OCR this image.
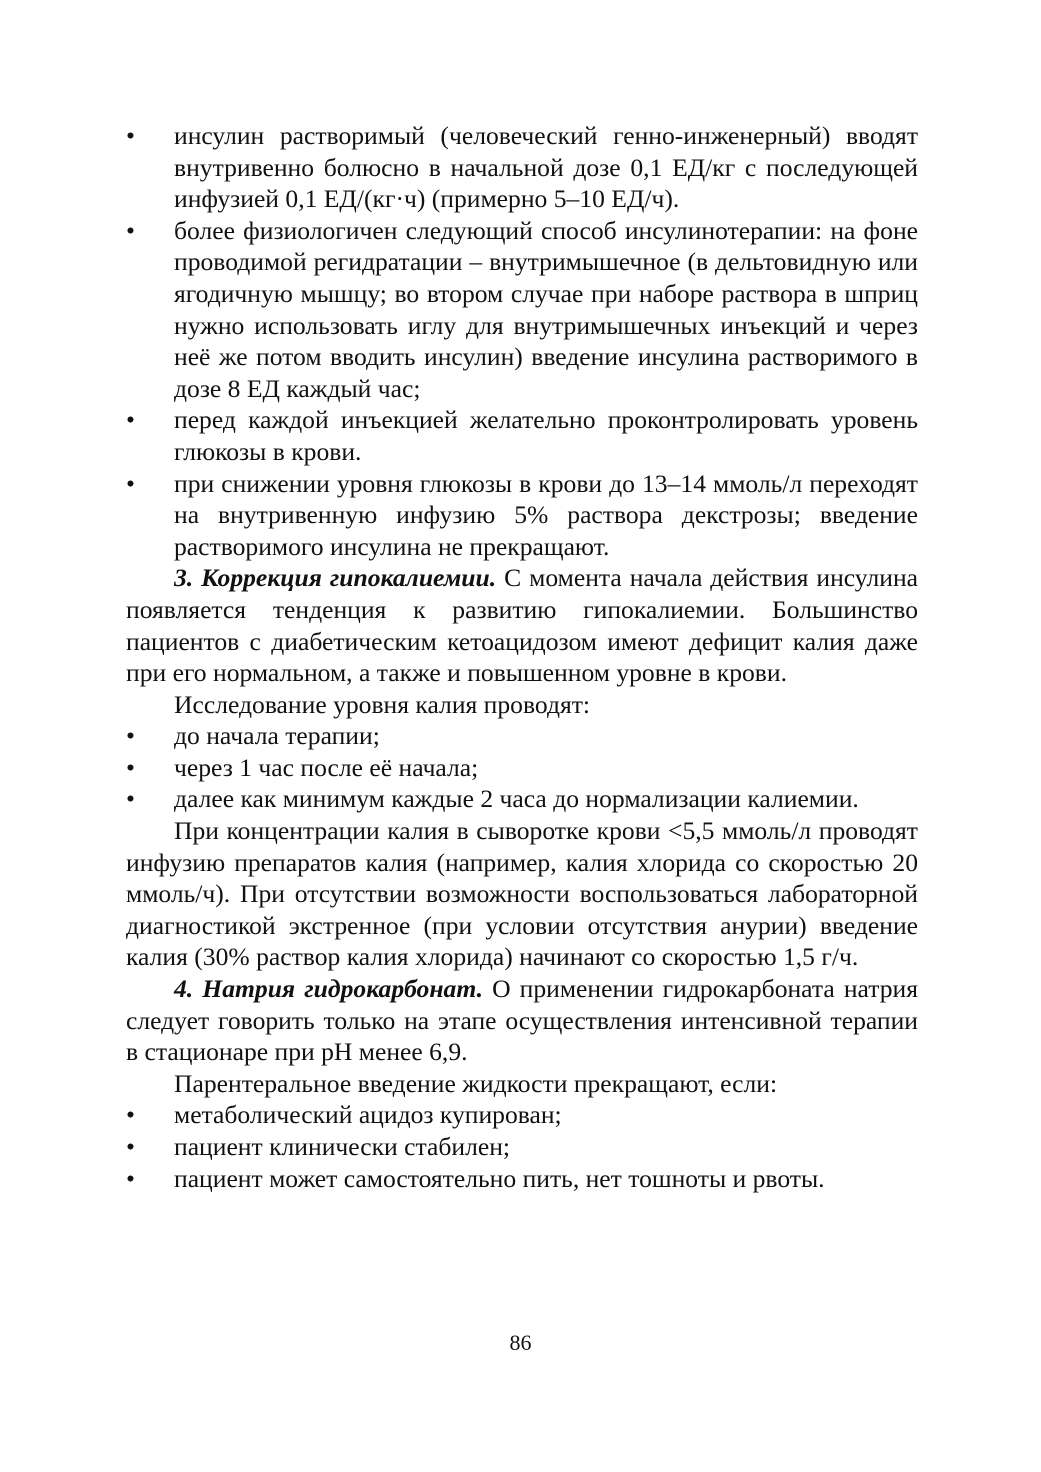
• инсулин растворимый (человеческий генно-инженерный) вводят внутривенно болюсно в начальной дозе 0,1 ЕД/кг с последующей инфузией 0,1 ЕД/(кг·ч) (примерно 5–10 ЕД/ч).
• более физиологичен следующий способ инсулинотерапии: на фоне проводимой регидратации – внутримышечное (в дельтовидную или ягодичную мышцу; во втором случае при наборе раствора в шприц нужно использовать иглу для внутримышечных инъекций и через неё же потом вводить инсулин) введение инсулина растворимого в дозе 8 ЕД каждый час;
• перед каждой инъекцией желательно проконтролировать уровень глюкозы в крови.
• при снижении уровня глюкозы в крови до 13–14 ммоль/л переходят на внутривенную инфузию 5% раствора декстрозы; введение растворимого инсулина не прекращают.

3. Коррекция гипокалиемии. С момента начала действия инсулина появляется тенденция к развитию гипокалиемии. Большинство пациентов с диабетическим кетоацидозом имеют дефицит калия даже при его нормальном, а также и повышенном уровне в крови.

Исследование уровня калия проводят:

• до начала терапии;
• через 1 час после её начала;
• далее как минимум каждые 2 часа до нормализации калиемии.

При концентрации калия в сыворотке крови <5,5 ммоль/л проводят инфузию препаратов калия (например, калия хлорида со скоростью 20 ммоль/ч). При отсутствии возможности воспользоваться лабораторной диагностикой экстренное (при условии отсутствия анурии) введение калия (30% раствор калия хлорида) начинают со скоростью 1,5 г/ч.

4. Натрия гидрокарбонат. О применении гидрокарбоната натрия следует говорить только на этапе осуществления интенсивной терапии в стационаре при pH менее 6,9.

Парентеральное введение жидкости прекращают, если:

• метаболический ацидоз купирован;
• пациент клинически стабилен;
• пациент может самостоятельно пить, нет тошноты и рвоты.
86
